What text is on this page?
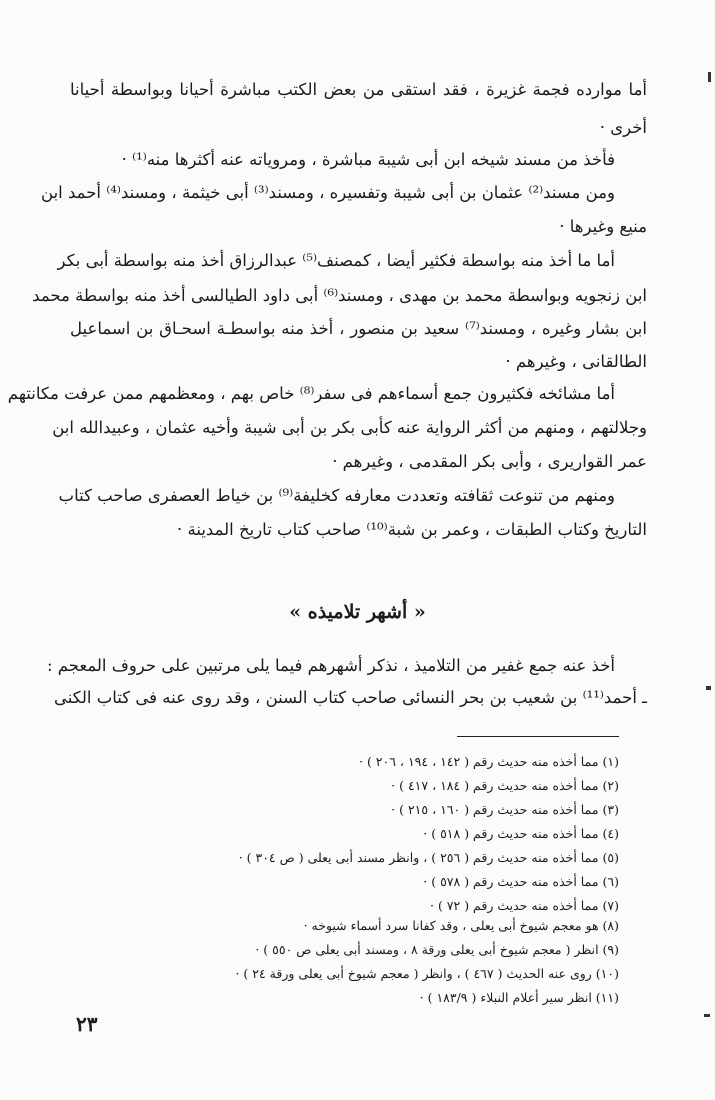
أما موارده فجمة غزيرة ، فقد استقى من بعض الكتب مباشرة أحيانا وبواسطة أحيانا
أخرى ·
فأخذ من مسند شيخه ابن أبى شيبة مباشرة ، ومروياته عنه أكثرها منه⁽¹⁾ ·
ومن مسند⁽²⁾ عثمان بن أبى شيبة وتفسيره ، ومسند⁽³⁾ أبى خيثمة ، ومسند⁽⁴⁾ أحمد ابن
منيع وغيرها ·
أما ما أخذ منه بواسطة فكثير أيضا ، كمصنف⁽⁵⁾ عبدالرزاق أخذ منه بواسطة أبى بكر
ابن زنجويه وبواسطة محمد بن مهدى ، ومسند⁽⁶⁾ أبى داود الطيالسى أخذ منه بواسطة محمد
ابن بشار وغيره ، ومسند⁽⁷⁾ سعيد بن منصور ، أخذ منه بواسطـة اسحـاق بن اسماعيل
الطالقانى ، وغيرهم ·
أما مشائخه فكثيرون جمع أسماءهم فى سفر⁽⁸⁾ خاص بهم ، ومعظمهم ممن عرفت مكانتهم
وجلالتهم ، ومنهم من أكثر الرواية عنه كأبى بكر بن أبى شيبة وأخيه عثمان ، وعبيدالله ابن
عمر القواريرى ، وأبى بكر المقدمى ، وغيرهم ·
ومنهم من تنوعت ثقافته وتعددت معارفه كخليفة⁽⁹⁾ بن خياط العصفرى صاحب كتاب
التاريخ وكتاب الطبقات ، وعمر بن شبة⁽¹⁰⁾ صاحب كتاب تاريخ المدينة ·
« أشهر تلاميذه »
أخذ عنه جمع غفير من التلاميذ ، نذكر أشهرهم فيما يلى مرتبين على حروف المعجم :
ـ أحمد⁽¹¹⁾ بن شعيب بن بحر النسائى صاحب كتاب السنن ، وقد روى عنه فى كتاب الكنى
(١) مما أخذه منه حديث رقم ( ١٤٢ ، ١٩٤ ، ٢٠٦ ) ·
(٢) مما أخذه منه حديث رقم ( ١٨٤ ، ٤١٧ ) ·
(٣) مما أخذه منه حديث رقم ( ١٦٠ ، ٢١٥ ) ·
(٤) مما أخذه منه حديث رقم ( ٥١٨ ) ·
(٥) مما أخذه منه حديث رقم ( ٢٥٦ ) ، وانظر مسند أبى يعلى ( ص ٣٠٤ ) ·
(٦) مما أخذه منه حديث رقم ( ٥٧٨ ) ·
(٧) مما أخذه منه حديث رقم ( ٧٢ ) ·
(٨) هو معجم شيوخ أبى يعلى ، وقد كفانا سرد أسماء شيوخه ·
(٩) انظر ( معجم شيوخ أبى يعلى ورقة ٨ ، ومسند أبى يعلى ص ٥٥٠ ) ·
(١٠) روى عنه الحديث ( ٤٦٧ ) ، وانظر ( معجم شيوخ أبى يعلى ورقة ٢٤ ) ·
(١١) انظر سير أعلام النبلاء ( ١٨٣/٩ ) ·
٢٣
